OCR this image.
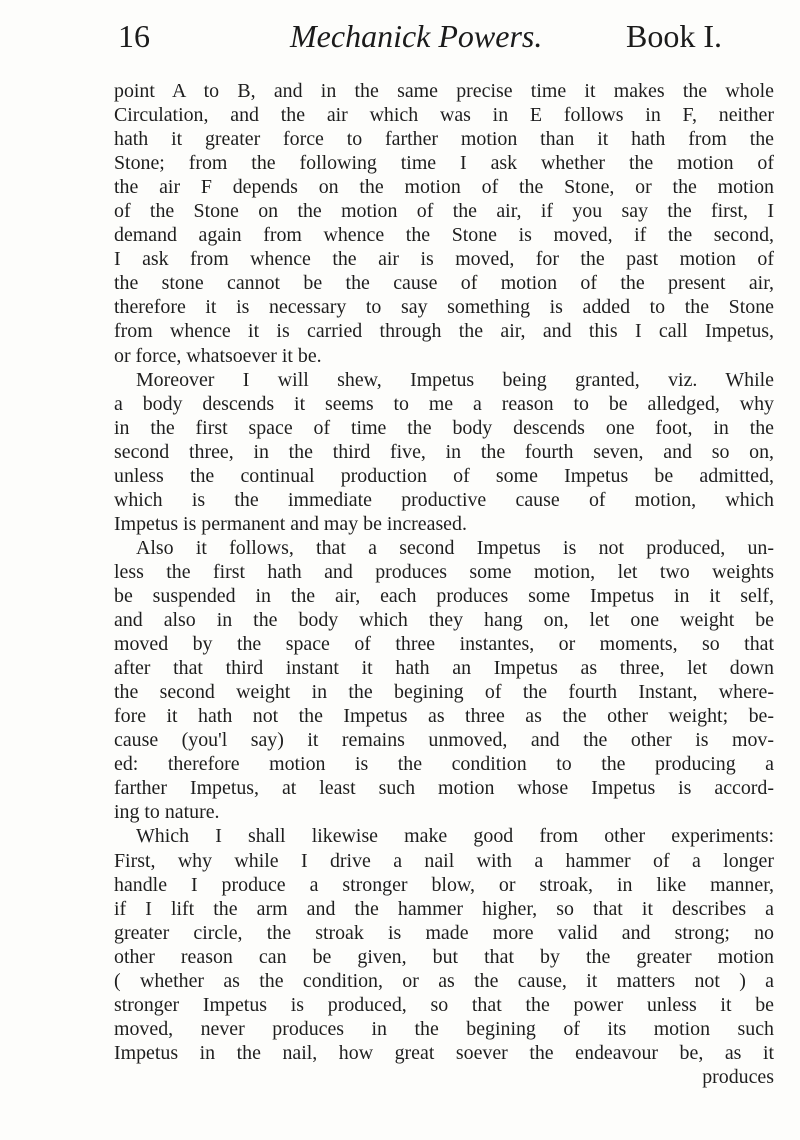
16	Mechanick Powers.	Book I.
point A to B, and in the same precise time it makes the whole
Circulation, and the air which was in E follows in F, neither
hath it greater force to farther motion than it hath from the
Stone; from the following time I ask whether the motion of
the air F depends on the motion of the Stone, or the motion
of the Stone on the motion of the air, if you say the first, I
demand again from whence the Stone is moved, if the second,
I ask from whence the air is moved, for the past motion of
the stone cannot be the cause of motion of the present air,
therefore it is necessary to say something is added to the Stone
from whence it is carried through the air, and this I call Impetus,
or force, whatsoever it be.
Moreover I will shew, Impetus being granted, viz. While
a body descends it seems to me a reason to be alledged, why
in the first space of time the body descends one foot, in the
second three, in the third five, in the fourth seven, and so on,
unless the continual production of some Impetus be admitted,
which is the immediate productive cause of motion, which
Impetus is permanent and may be increased.
Also it follows, that a second Impetus is not produced, un-
less the first hath and produces some motion, let two weights
be suspended in the air, each produces some Impetus in it self,
and also in the body which they hang on, let one weight be
moved by the space of three instantes, or moments, so that
after that third instant it hath an Impetus as three, let down
the second weight in the begining of the fourth Instant, where-
fore it hath not the Impetus as three as the other weight; be-
cause (you'l say) it remains unmoved, and the other is mov-
ed: therefore motion is the condition to the producing a
farther Impetus, at least such motion whose Impetus is accord-
ing to nature.
Which I shall likewise make good from other experiments:
First, why while I drive a nail with a hammer of a longer
handle I produce a stronger blow, or stroak, in like manner,
if I lift the arm and the hammer higher, so that it describes a
greater circle, the stroak is made more valid and strong; no
other reason can be given, but that by the greater motion
( whether as the condition, or as the cause, it matters not ) a
stronger Impetus is produced, so that the power unless it be
moved, never produces in the begining of its motion such
Impetus in the nail, how great soever the endeavour be, as it
produces
